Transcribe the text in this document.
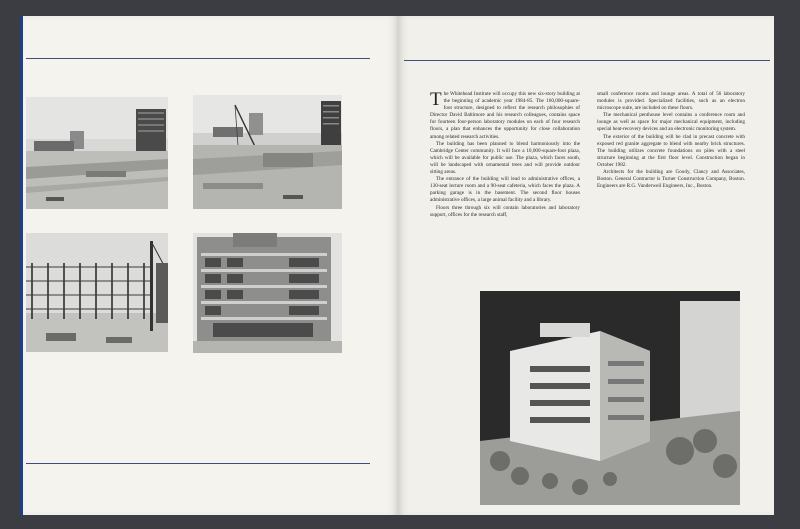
The Whitehead Institute will occupy this new six-story building at the beginning of academic year 1984-85. The 160,000-square-foot structure, designed to reflect the research philosophies of Director David Baltimore and his research colleagues, contains space for fourteen four-person laboratory modules on each of four research floors, a plan that enhances the opportunity for close collaboration among related research activities.

The building has been planned to blend harmoniously into the Cambridge Center community. It will face a 10,000-square-foot plaza, which will be available for public use. The plaza, which faces south, will be landscaped with ornamental trees and will provide outdoor sitting areas.

The entrance of the building will lead to administrative offices, a 130-seat lecture room and a 90-seat cafeteria, which faces the plaza. A parking garage is in the basement. The second floor houses administrative offices, a large animal facility and a library.

Floors three through six will contain laboratories and laboratory support, offices for the research staff,

small conference rooms and lounge areas. A total of 56 laboratory modules is provided. Specialized facilities, such as an electron microscope suite, are included on these floors.

The mechanical penthouse level contains a conference room and lounge as well as space for major mechanical equipment, including special heat-recovery devices and an electronic monitoring system.

The exterior of the building will be clad in precast concrete with exposed red granite aggregate to blend with nearby brick structures. The building utilizes concrete foundations on piles with a steel structure beginning at the first floor level. Construction began in October 1982.

Architects for the building are Goody, Clancy and Associates, Boston. General Contractor is Turner Construction Company, Boston. Engineers are R.G. Vanderweil Engineers, Inc., Boston.
